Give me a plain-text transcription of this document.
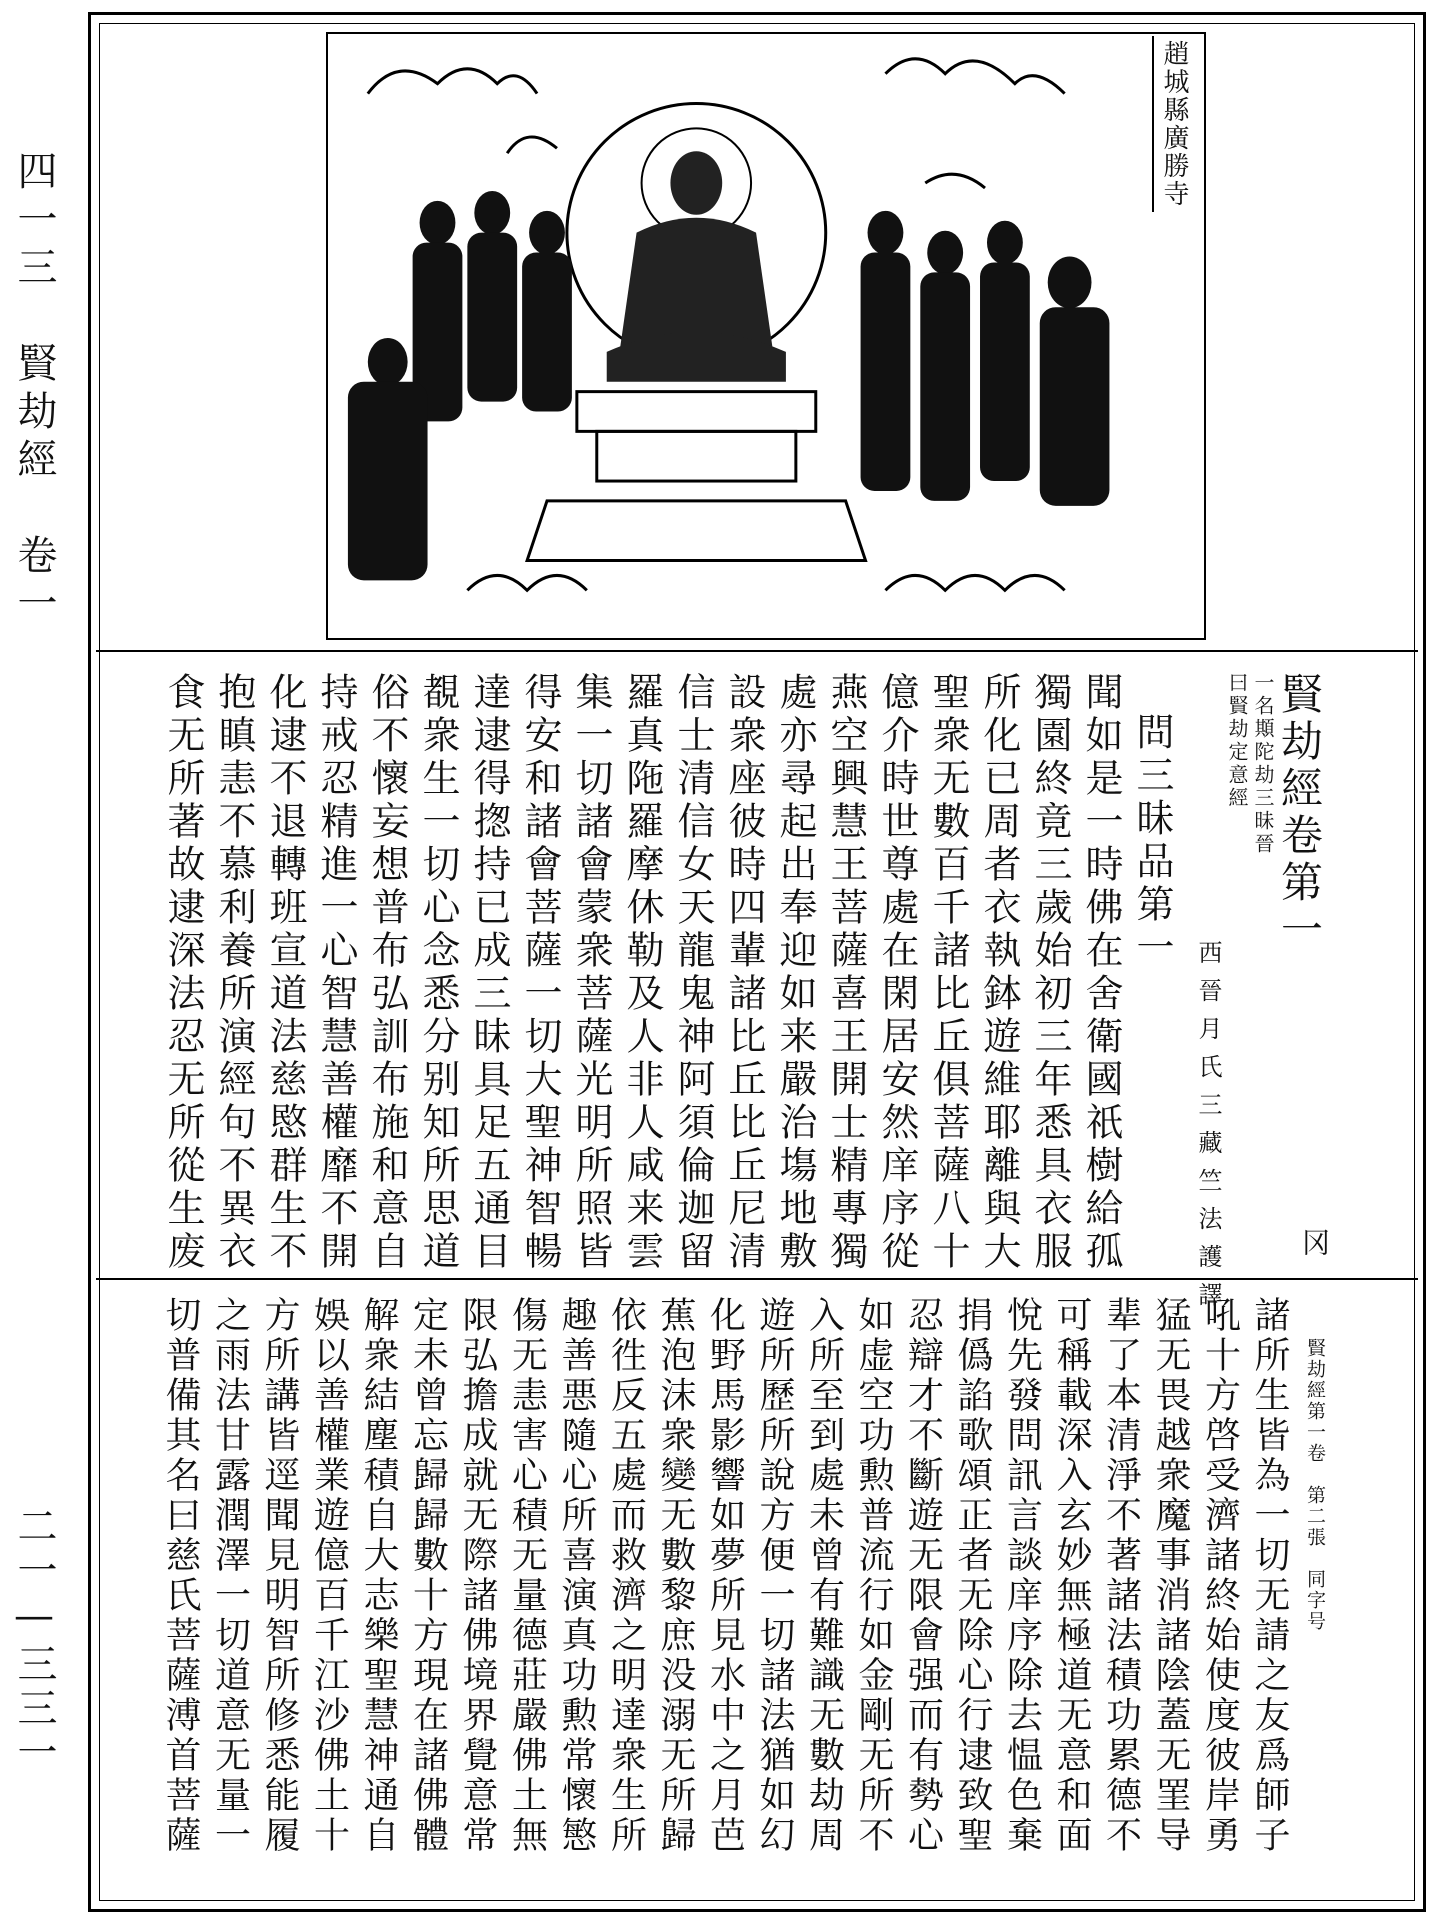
四一三　賢劫經　卷一
二一—三三一
趙城縣廣勝寺
賢劫經卷第一
一名䫏陀劫三昧晉
曰賢劫定意經
西晉月氏三藏竺法護譯
問三昧品第一
聞如是一時佛在舍衛國祇樹給孤
獨園終竟三歲始初三年悉具衣服
所化已周者衣執鉢遊維耶離與大
聖衆无數百千諸比丘俱菩薩八十
億介時世尊處在閑居安然庠序從
燕空興慧王菩薩喜王開士精專獨
處亦尋起出奉迎如来嚴治塲地敷
設衆座彼時四輩諸比丘比丘尼清
信士清信女天龍鬼神阿須倫迦留
羅真陁羅摩休勒及人非人咸来雲
集一切諸會蒙衆菩薩光明所照皆
得安和諸會菩薩一切大聖神智暢
達逮得揔持已成三昧具足五通目
覩衆生一切心念悉分别知所思道
俗不懷妄想普布弘訓布施和意自
持戒忍精進一心智慧善權靡不開
化逮不退轉班宣道法慈愍群生不
抱瞋恚不慕利養所演經句不異衣
食无所著故逮深法忍无所從生废	冈
賢劫經第一卷　第二張　同字号
諸所生皆為一切无請之友爲師子
吼十方啓受濟諸終始使度彼岸勇
猛无畏越衆魔事消諸陰蓋无罣导
辈了本清淨不著諸法積功累德不
可稱載深入玄妙無極道无意和面
悅先發問訊言談庠序除去愠色棄
捐僞諂歌頌正者无除心行逮致聖
忍辯才不斷遊无限會强而有勢心
如虚空功勲普流行如金剛无所不
入所至到處未曾有難識无數劫周
遊所歷所說方便一切諸法猶如幻
化野馬影響如夢所見水中之月芭
蕉泡沫衆變无數黎庶没溺无所歸
依徃反五處而救濟之明達衆生所
趣善悪隨心所喜演真功勲常懷慜
傷无恚害心積无量德莊嚴佛土無
限弘擔成就无際諸佛境界覺意常
定未曾忘歸歸數十方現在諸佛體
解衆結塵積自大志樂聖慧神通自
娛以善權業遊億百千江沙佛土十
方所講皆逕聞見明智所修悉能履
之雨法甘露潤澤一切道意无量一
切普備其名曰慈氏菩薩溥首菩薩
